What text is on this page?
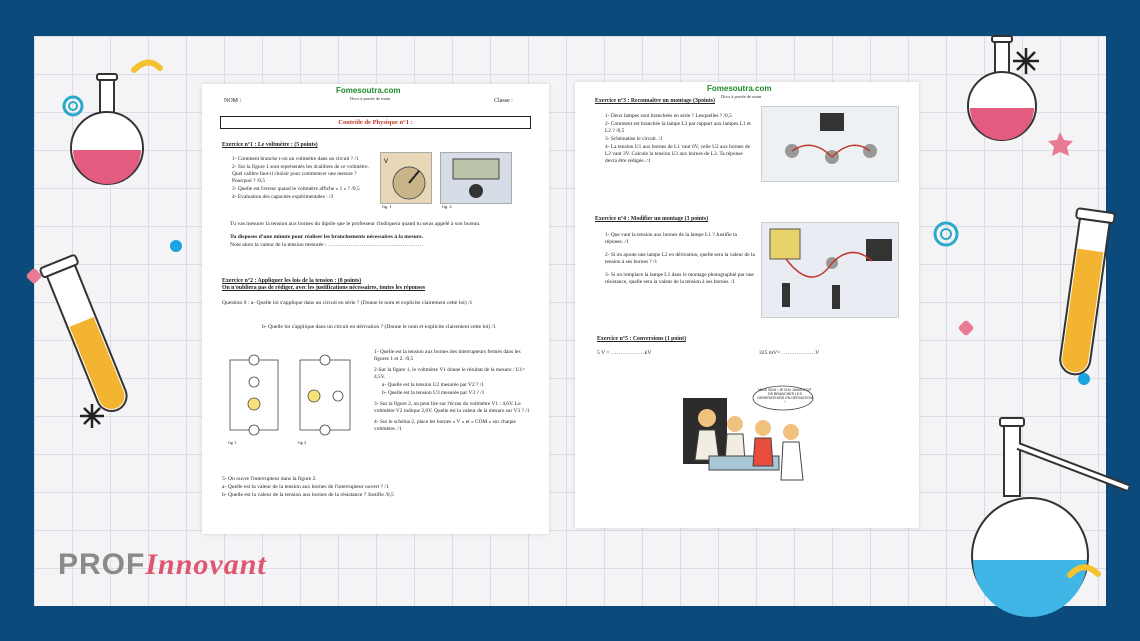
Fomesoutra.com
Docs à portée de main
NOM :	Classe :
Contrôle de Physique n°1 :
Exercice n°1 : Le voltmètre : (5 points)
1- Comment branche t-on un voltmètre dans un circuit ? /1
2- Sur la figure 1 sont représentés les 4calibres de ce voltmètre. Quel calibre faut-il choisir pour commencer une mesure ? Pourquoi ? /0,5
3- Quelle est l'erreur quand le voltmètre affiche « 1 » ? /0,5
4- Evaluation des capacités expérimentales : /3
V
fig. 1	fig. 2
Tu vas mesurer la tension aux bornes du dipôle que le professeur t'indiquera quand tu seras appelé à son bureau.
Tu disposes d'une minute pour réaliser les branchements nécessaires à la mesure.
Note alors la valeur de la tension mesurée : ……………………………………………
Exercice n°2 : Appliquer les lois de la tension : (8 points)
On n'oubliera pas de rédiger, avec les justifications nécessaires, toutes les réponses
Question 0 : a- Quelle loi s'applique dans un circuit en série ? (Donne le nom et explicite clairement cette loi) /1
b- Quelle loi s'applique dans un circuit en dérivation ? (Donne le nom et explicite clairement cette loi) /1
fig 1	fig 2
1- Quelle est la tension aux bornes des interrupteurs fermés dans les figures 1 et 2. /0,5
2-Sur la figure 1, le voltmètre V1 donne le résultat de la mesure : U1= 4,5V.
a- Quelle est la tension U2 mesurée par V2 ? /1
b- Quelle est la tension U3 mesurée par V3 ? /1
3- Sur la figure 2, on peut lire sur l'écran du voltmètre V1 : 4,6V. Le voltmètre V2 indique 2,6V. Quelle est la valeur de la mesure sur V3 ? /1
4- Sur le schéma 2, place les bornes « V » et « COM » sur chaque voltmètre. /1
5- On ouvre l'interrupteur dans la figure 2.
a- Quelle est la valeur de la tension aux bornes de l'interrupteur ouvert ? /1
b- Quelle est la valeur de la tension aux bornes de la résistance ? Justifie /0,5
Fomesoutra.com
Docs à portée de main
Exercice n°3 : Reconnaître un montage (3points)
1- Deux lampes sont branchées en série ? Lesquelles ? /0,5
2- Comment est branchée la lampe L3 par rapport aux lampes L1 et L2 ? /0,5
3- Schématise le circuit. /1
4- La tension U1 aux bornes de L1 vaut 6V, celle U2 aux bornes de L2 vaut 3V. Calcule la tension U3 aux bornes de L3. Ta réponse devra être rédigée. /1
Exercice n°4 : Modifier un montage (3 points)
1- Que vaut la tension aux bornes de la lampe L1 ? Justifie ta réponse. /1
2- Si on ajoute une lampe L2 en dérivation, quelle sera la valeur de la tension à ses bornes ? /1
3- Si on remplace la lampe L1 dans le montage photographié par une résistance, quelle sera la valeur de la tension à ses bornes. /1
Exercice n°5 : Conversions (1 point)
5 V = ………………kV	325 mV= ………………V
MAIS NON ! JE N'AI JAMAIS DIT DE BRANCHER LES GENERATEURS EN DERIVATION !
PROFInnovant
